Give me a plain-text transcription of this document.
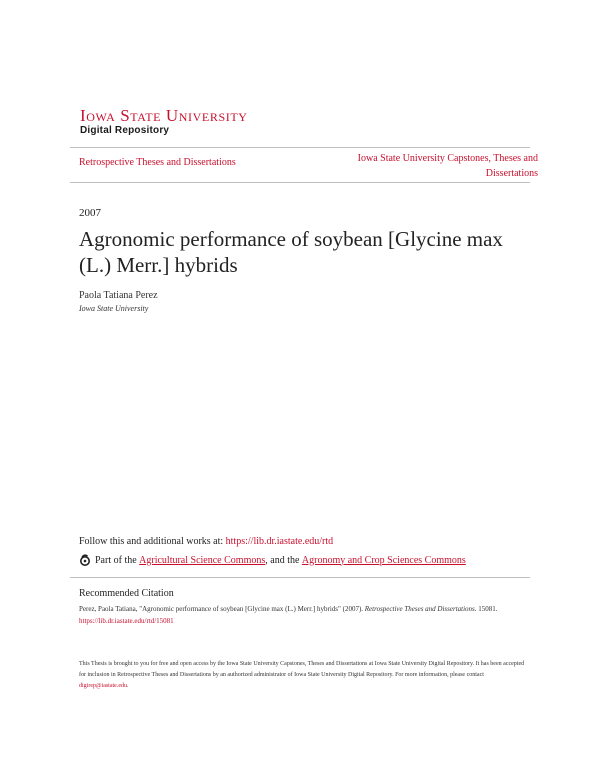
Iowa State University
Digital Repository
Retrospective Theses and Dissertations	Iowa State University Capstones, Theses and Dissertations
2007
Agronomic performance of soybean [Glycine max (L.) Merr.] hybrids
Paola Tatiana Perez
Iowa State University
Follow this and additional works at: https://lib.dr.iastate.edu/rtd
Part of the
Agricultural Science Commons , and the
Agronomy and Crop Sciences Commons
Recommended Citation
Perez, Paola Tatiana, "Agronomic performance of soybean [Glycine max (L.) Merr.] hybrids" (2007). Retrospective Theses and Dissertations. 15081.
https://lib.dr.iastate.edu/rtd/15081
This Thesis is brought to you for free and open access by the Iowa State University Capstones, Theses and Dissertations at Iowa State University Digital Repository. It has been accepted for inclusion in Retrospective Theses and Dissertations by an authorized administrator of Iowa State University Digital Repository. For more information, please contact digirep@iastate.edu.
